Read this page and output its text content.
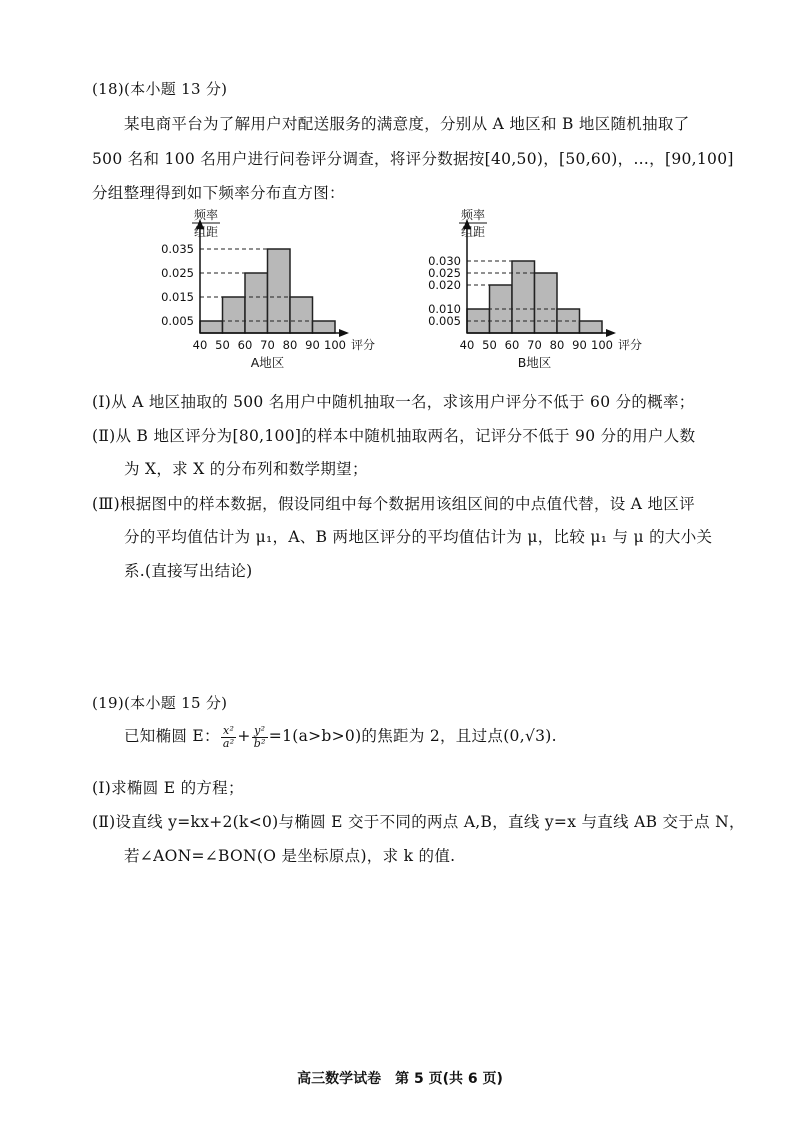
(18)(本小题 13 分)
某电商平台为了解用户对配送服务的满意度，分别从 A 地区和 B 地区随机抽取了
500 名和 100 名用户进行问卷评分调查，将评分数据按[40,50)，[50,60)，…，[90,100]
分组整理得到如下频率分布直方图：
0.035
0.025
0.015
0.005
40 50 60 70 80 90 100 评分
频率
组距
A地区
0.030
0.025
0.020
0.010
0.005
40 50 60 70 80 90 100 评分
频率
组距
B地区
(Ⅰ)从 A 地区抽取的 500 名用户中随机抽取一名，求该用户评分不低于 60 分的概率；
(Ⅱ)从 B 地区评分为[80,100]的样本中随机抽取两名，记评分不低于 90 分的用户人数
为 X，求 X 的分布列和数学期望；
(Ⅲ)根据图中的样本数据，假设同组中每个数据用该组区间的中点值代替，设 A 地区评
分的平均值估计为 μ₁，A、B 两地区评分的平均值估计为 μ，比较 μ₁ 与 μ 的大小关
系.(直接写出结论)
(19)(本小题 15 分)
已知椭圆 E： $\frac{\text{x²}}{\text{a²}} + \frac{\text{y²}}{\text{b²}} =1(a>b>0)$的焦距为 2，且过点(0,√3).
(Ⅰ)求椭圆 E 的方程；
(Ⅱ)设直线 y=kx+2(k<0)与椭圆 E 交于不同的两点 A,B，直线 y=x 与直线 AB 交于点 N，
若∠AON=∠BON(O 是坐标原点)，求 k 的值.
高三数学试卷　第 5 页(共 6 页)
